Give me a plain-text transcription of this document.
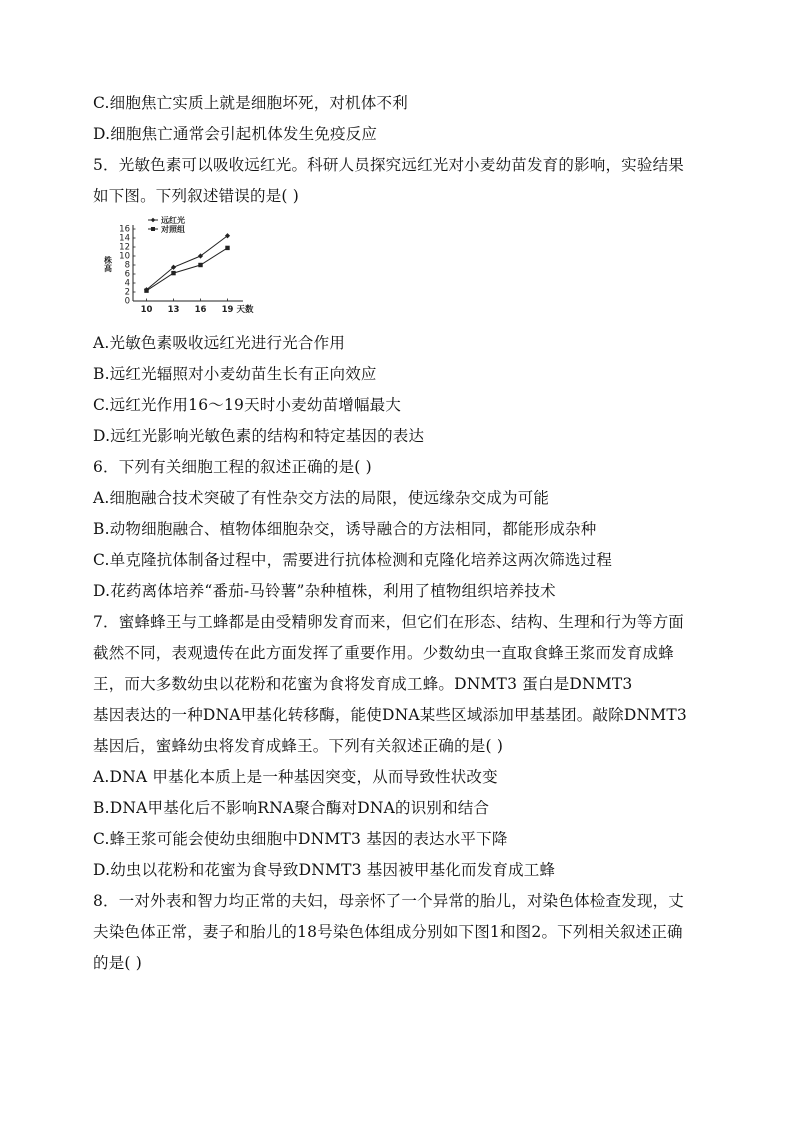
C.细胞焦亡实质上就是细胞坏死，对机体不利
D.细胞焦亡通常会引起机体发生免疫反应
5．光敏色素可以吸收远红光。科研人员探究远红光对小麦幼苗发育的影响，实验结果
如下图。下列叙述错误的是( )
0
2
4
6
8
10
12
14
16
10 13 16 19 天数
株高
远红光
对照组
A.光敏色素吸收远红光进行光合作用
B.远红光辐照对小麦幼苗生长有正向效应
C.远红光作用16～19天时小麦幼苗增幅最大
D.远红光影响光敏色素的结构和特定基因的表达
6．下列有关细胞工程的叙述正确的是( )
A.细胞融合技术突破了有性杂交方法的局限，使远缘杂交成为可能
B.动物细胞融合、植物体细胞杂交，诱导融合的方法相同，都能形成杂种
C.单克隆抗体制备过程中，需要进行抗体检测和克隆化培养这两次筛选过程
D.花药离体培养“番茄-马铃薯”杂种植株，利用了植物组织培养技术
7．蜜蜂蜂王与工蜂都是由受精卵发育而来，但它们在形态、结构、生理和行为等方面
截然不同，表观遗传在此方面发挥了重要作用。少数幼虫一直取食蜂王浆而发育成蜂
王，而大多数幼虫以花粉和花蜜为食将发育成工蜂。DNMT3 蛋白是DNMT3
基因表达的一种DNA甲基化转移酶，能使DNA某些区域添加甲基基团。敲除DNMT3
基因后，蜜蜂幼虫将发育成蜂王。下列有关叙述正确的是( )
A.DNA 甲基化本质上是一种基因突变，从而导致性状改变
B.DNA甲基化后不影响RNA聚合酶对DNA的识别和结合
C.蜂王浆可能会使幼虫细胞中DNMT3 基因的表达水平下降
D.幼虫以花粉和花蜜为食导致DNMT3 基因被甲基化而发育成工蜂
8．一对外表和智力均正常的夫妇，母亲怀了一个异常的胎儿，对染色体检查发现，丈
夫染色体正常，妻子和胎儿的18号染色体组成分别如下图1和图2。下列相关叙述正确
的是( )
